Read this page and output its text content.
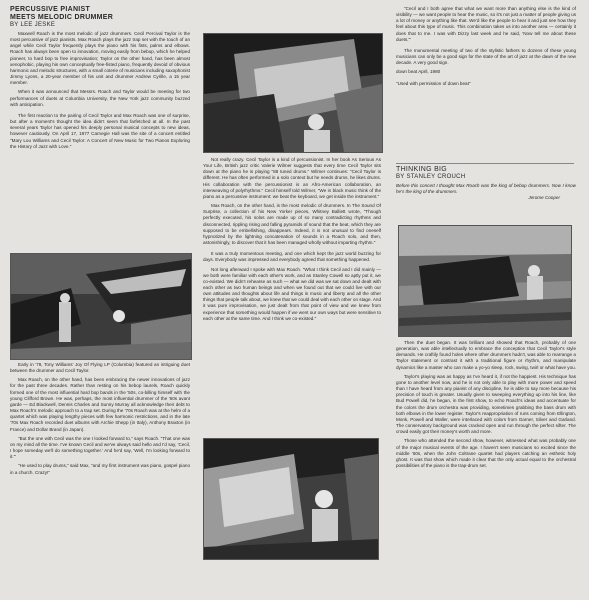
PERCUSSIVE PIANIST
MEETS MELODIC DRUMMER
BY LEE JESKE

Maxwell Roach is the most melodic of jazz drummers. Cecil Percival Taylor is the most percussive of jazz pianists. Max Roach plays the jazz trap set with the touch of an angel while Cecil Taylor frequently plays the piano with his fists, palms and elbows. Roach has always been open to innovation, moving easily from bebop, which he helped pioneer, to hard bop to free improvisation; Taylor on the other hand, has been almost xenophobic, playing his own conceptually free-fisted piano, frequently devoid of obvious harmonic and melodic structures, with a small coterie of musicians including saxophonist Jimmy Lyons, a 20-year member of his unit and drummer Andrew Cyrille, a 15 year member.

When it was announced that Messrs. Roach and Taylor would be meeting for two performances of duets at Columbia University, the New York jazz community buzzed with anticipation.

The first reaction to the pairing of Cecil Taylor and Max Roach was one of surprise, but after a moment's thought the idea didn't seem that farfetched at all. In the past several years Taylor has opened his deeply personal musical concepts to new ideas, however cautiously. On April 17, 1977 Carnegie Hall was the site of a concert entitled "Mary Lou Williams and Cecil Taylor: A Concert of New Music for Two Pianos Exploring the History of Jazz with Love."

Early in '79, Tony Williams' Joy Of Flying LP (Columbia) featured an intriguing duet between the drummer and Cecil Taylor.

Max Roach, on the other hand, has been embracing the newer innovations of jazz for the past three decades. Rather than resting on his bebop laurels, Roach quickly formed one of the most influential hard bop bands in the '50s, co-billing himself with the young Clifford Brown. He was, perhaps, the most influential drummer of the '60s avant garde — Ed Blackwell, Dennis Charles and Sunny Murray all acknowledge their debt to Max Roach's melodic approach to a trap set. During the '70s Roach was at the helm of a quartet which was playing lengthy pieces with few harmonic restrictions, and in the late '70s Max Roach recorded duet albums with Archie Shepp (in Italy), Anthony Braxton (in France) and Dollar Brand (in Japan).

"But the one with Cecil was the one I looked forward to," says Roach. "That one was on my mind all the time. I've known Cecil and we've always said hello and I'd say, 'Cecil, I hope someday we'll do something together.' And he'd say, 'Well, I'm looking forward to it.'"

"He used to play drums," said Max, "and my first instrument was piano, gospel piano in a church. Crazy!"

Not really crazy. Cecil Taylor is a kind of percussionist. In her book As Serious As Your Life, British jazz critic Valerie Wilmer suggests that every time Cecil Taylor sits down at the piano he is playing "88 tuned drums." Wilmer continues: "Cecil Taylor is different. He has often performed in a solo context but he needs drums, he likes drums. His collaboration with the percussionist is an Afro-American collaboration, an interweaving of polyrhythms." Cecil himself told Wilmer, "We in black music think of the piano as a percussive instrument: we beat the keyboard, we get inside the instrument."

Max Roach, on the other hand, is the most melodic of drummers. In The Sound Of Surprise, a collection of his New Yorker pieces, Whitney Balliett wrote, "Though perfectly executed, his solos are made up of so many contradicting rhythms and disconnected, rippling rising and falling pyramids of sound that the beat, which they are supposed to be embellishing, disappears. Indeed, it is not unusual to find oneself hypnotized by the lightning concatenation of sounds in a Roach solo, and then, astonishingly, to discover that it has been managed wholly without imparting rhythm."

It was a truly momentous meeting, and one which kept the jazz world buzzing for days. Everybody was impressed and everybody agreed that something happened.

Not long afterward I spoke with Max Roach. "What I think Cecil and I did mainly — we both were familiar with each other's work, and as Stanley Cowell so aptly put it, we co-existed. We didn't rehearse as such — what we did was we sat down and dealt with each other as two human beings and when we found out that we could live with our own attitudes and thoughts about life and things in music and liberty and all the other things that people talk about, we knew that we could deal with each other on stage. And it was pure improvisation, we just dealt from that point of view and we knew from experience that something would happen if we went our own ways but were sensitive to each other at the same time. And I think we co-existed."

"Cecil and I both agree that what we want more than anything else is the kind of visibility — we want people to hear the music, so it's not just a matter of people giving us a lot of money or anything like that. We'd like the people to hear it and just see how they feel about this type of music. This combination takes us into another area — certainly it does that to me. I was with Dizzy last week and he said, 'Now tell me about these duets.'"

The monumental meeting of two of the stylistic fathers to dozens of these young musicians can only be a good sign for the state of the art of jazz at the dawn of the new decade. A very good sign.

down beat April, 1980

"Used with permission of down beat"

THINKING BIG
BY STANLEY CROUCH

Before this concert I thought Max Roach was the king of bebop drummers. Now I know he's the king of the drummers.

Jerome Cooper

Then the duet began. It was brilliant and showed that Roach, probably of one generation, was able intellectually to embrace the conception that Cecil Taylor's style demands. He craftily found holes where other drummers hadn't, was able to rearrange a Taylor statement or contrast it with a traditional figure or rhythm, and manipulate dynamics like a master who can make a yo-yo sleep, rock, swing, twirl or what have you.

Taylor's playing was as happy as I've heard it, if not the happiest. His technique has gone to another level now, and he is not only able to play with more power and speed than I have heard from any pianist of any discipline, he is able to say more because his precision of touch is greater. Usually given to sweeping everything up into his line, like Bud Powell did, he began, in the first show, to echo Roach's ideas and accentuate for the colors the drum orchestra was providing, sometimes grabbing the bass drum with both elbows in the lower register. Taylor's reappropriation of runs coming from Ellington, Monk, Powell and Waller, were interlaced with colors from Garner, Silver and Garland. The conservatory background was cracked open and run through the perfect sifter. The crowd easily got their money's worth and more.

Those who attended the second show, however, witnessed what was probably one of the major musical events of the age. I haven't seen musicians so excited since the middle '60s, when the John Coltrane quartet had players catching an esthetic holy ghost. It was that show which made it clear that the only actual equal to the orchestral possibilities of the piano is the trap-drum set.
